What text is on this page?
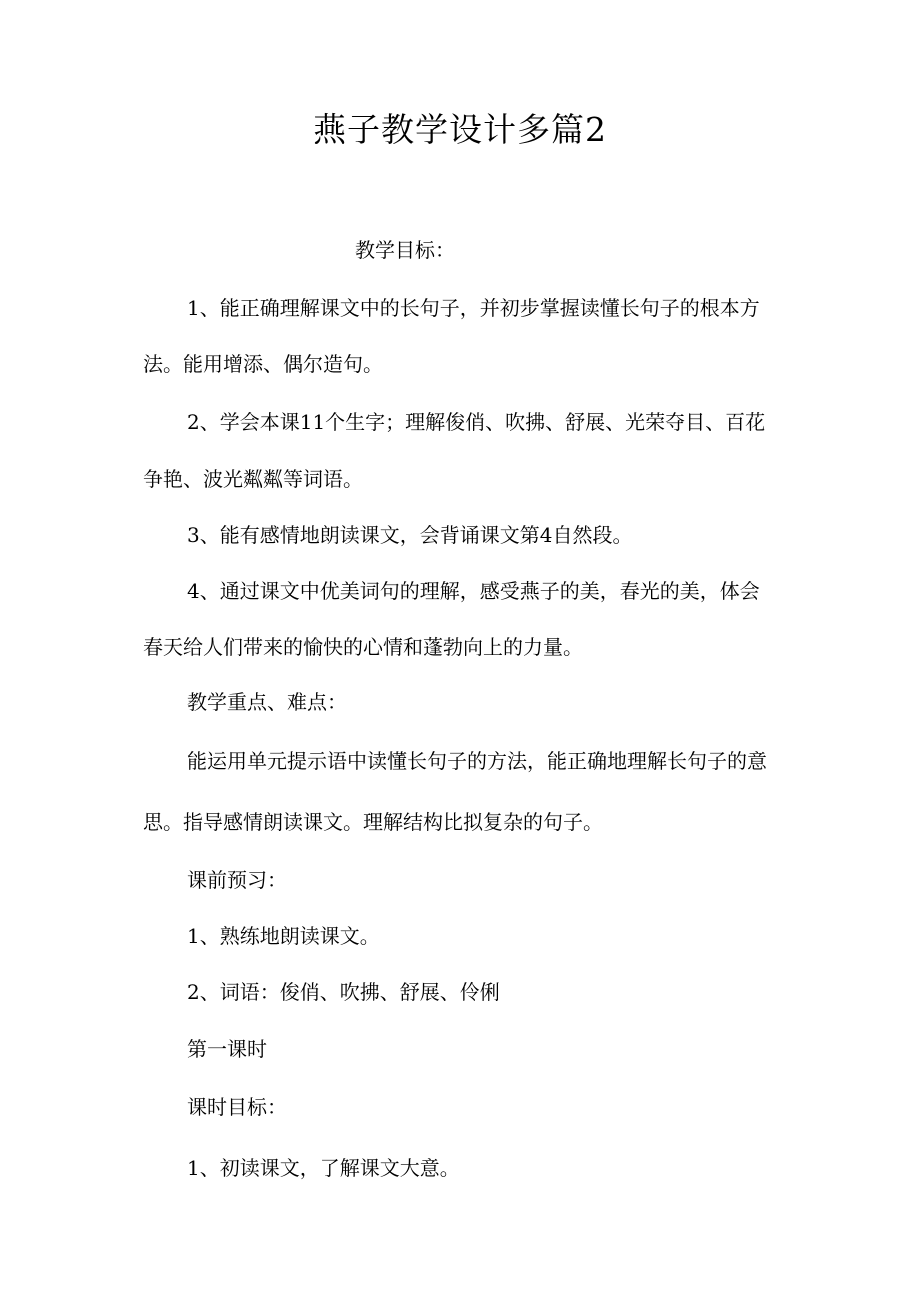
燕子教学设计多篇2
教学目标：
1、能正确理解课文中的长句子，并初步掌握读懂长句子的根本方
法。能用增添、偶尔造句。
2、学会本课11个生字；理解俊俏、吹拂、舒展、光荣夺目、百花
争艳、波光粼粼等词语。
3、能有感情地朗读课文，会背诵课文第4自然段。
4、通过课文中优美词句的理解，感受燕子的美，春光的美，体会
春天给人们带来的愉快的心情和蓬勃向上的力量。
教学重点、难点：
能运用单元提示语中读懂长句子的方法，能正确地理解长句子的意
思。指导感情朗读课文。理解结构比拟复杂的句子。
课前预习：
1、熟练地朗读课文。
2、词语：俊俏、吹拂、舒展、伶俐
第一课时
课时目标：
1、初读课文，了解课文大意。
